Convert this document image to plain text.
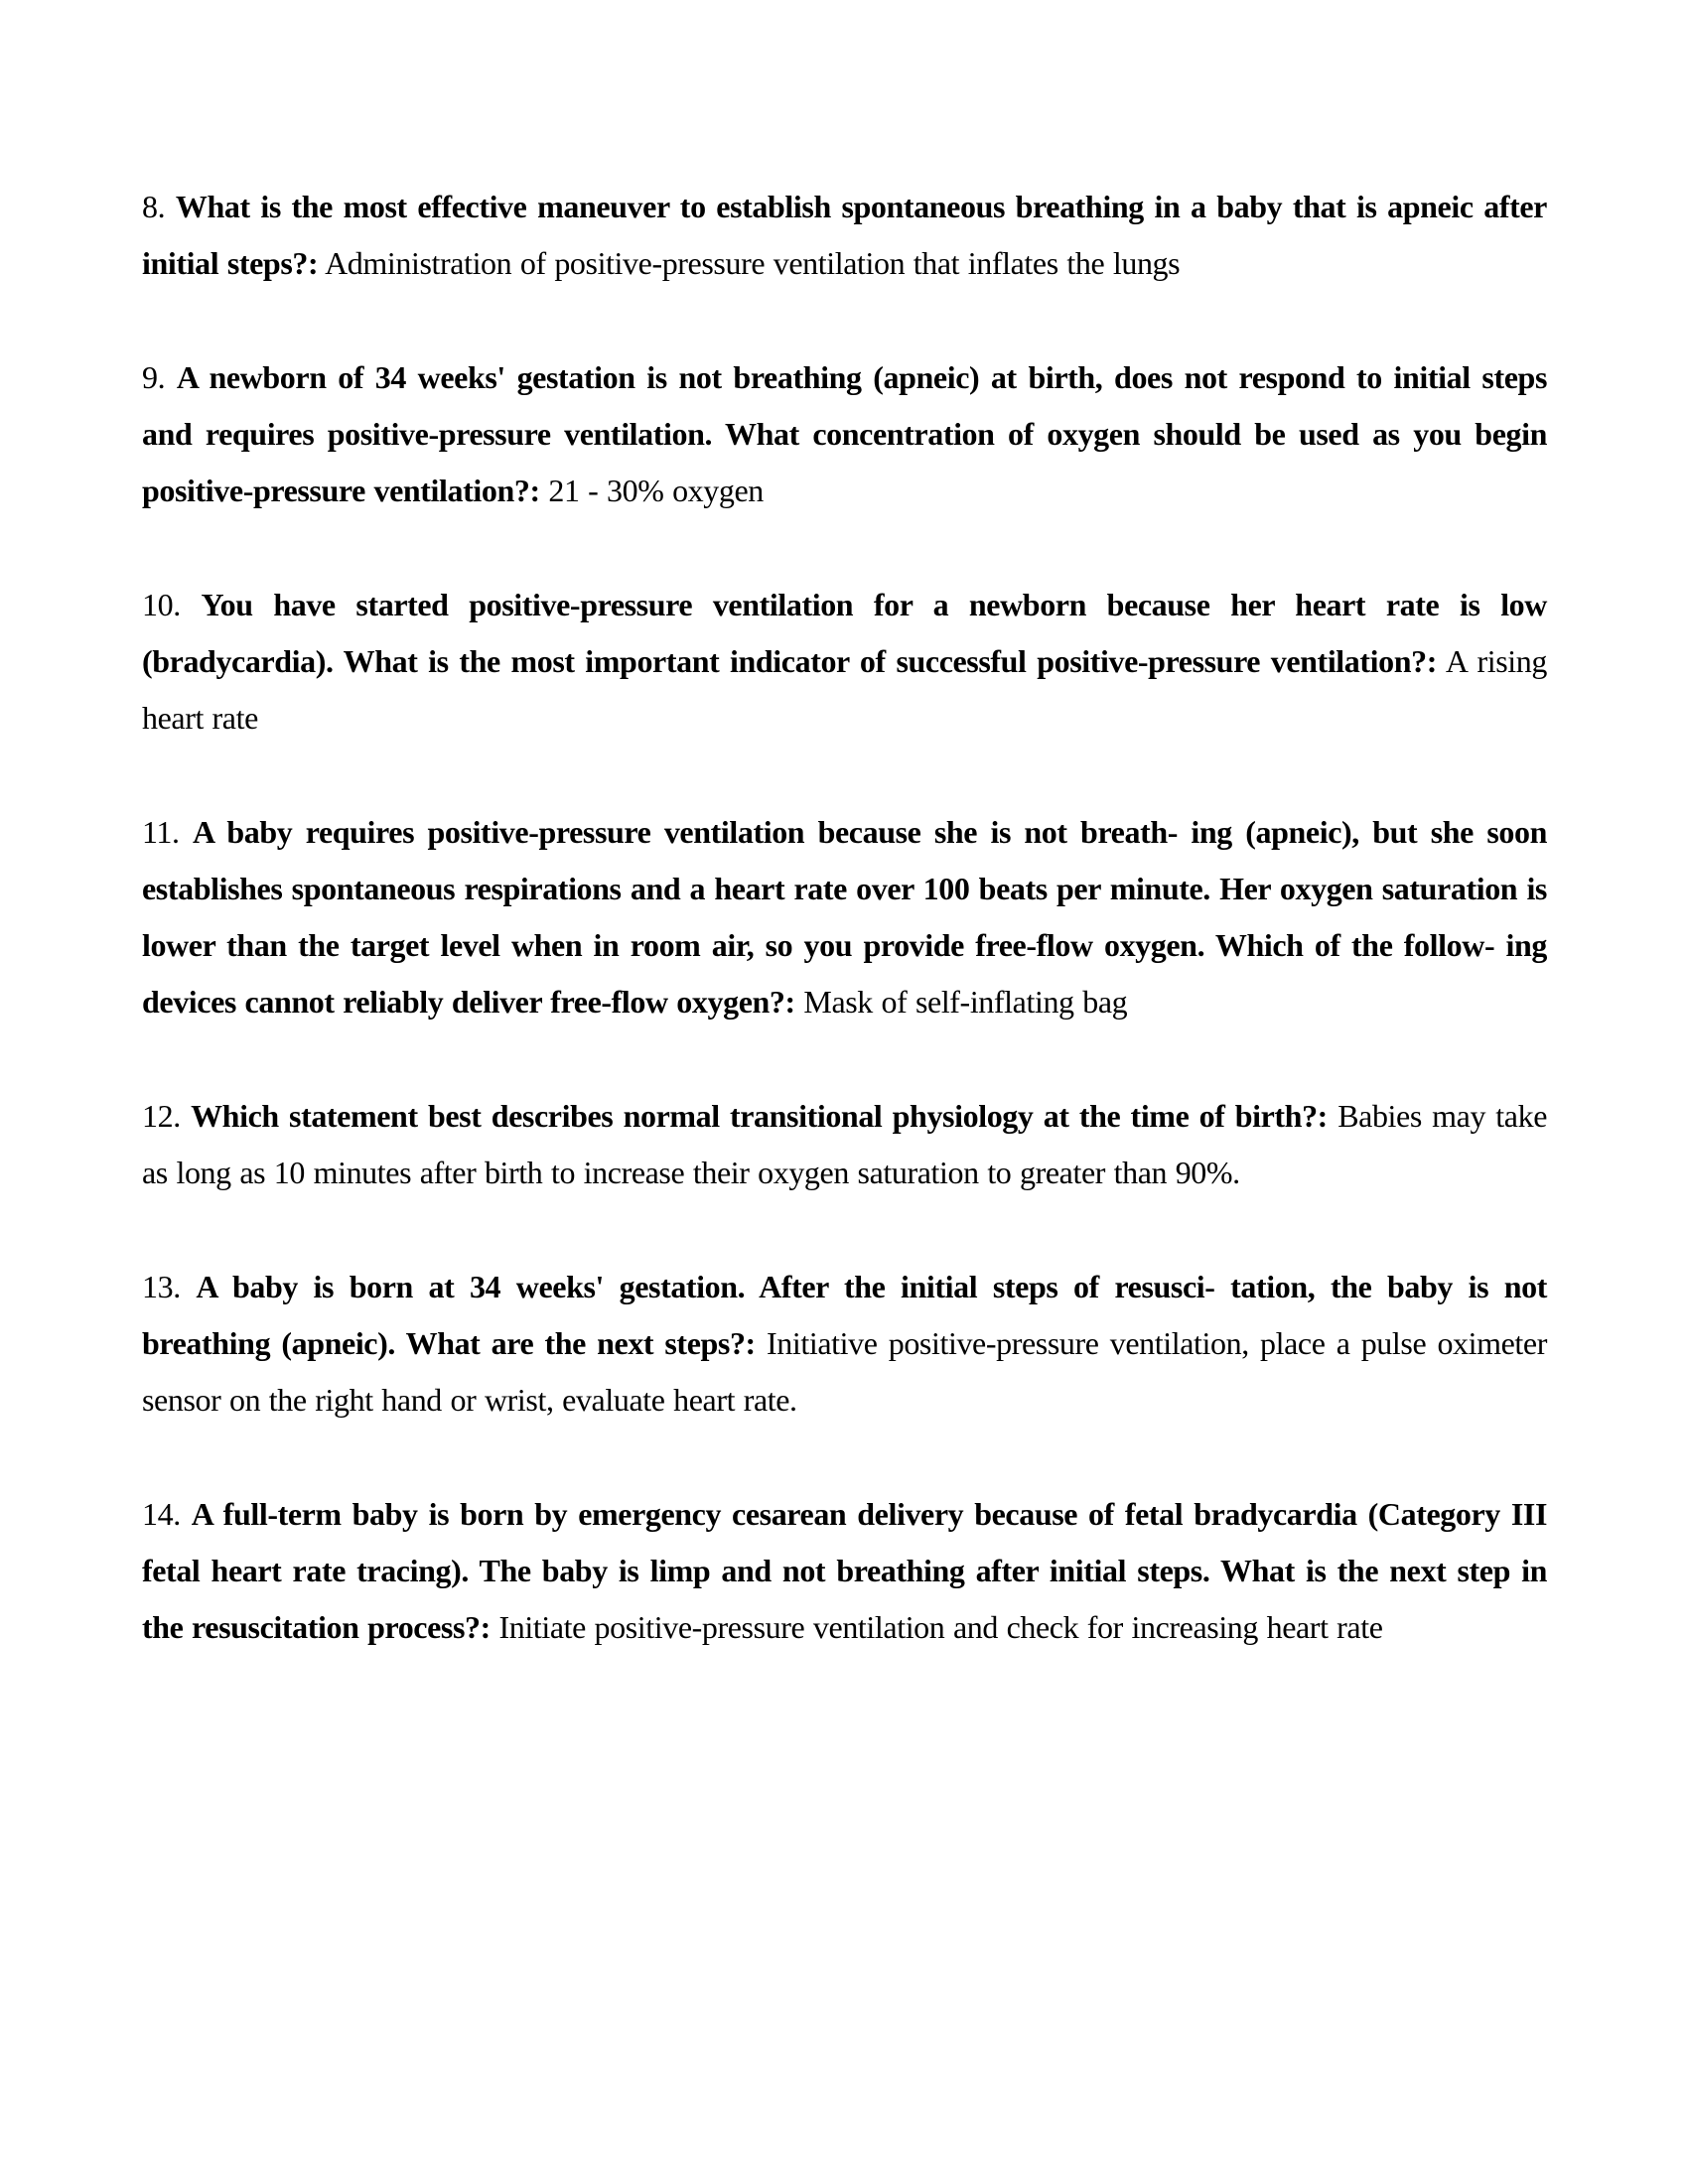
8. What is the most effective maneuver to establish spontaneous breathing in a baby that is apneic after initial steps?: Administration of positive-pressure ventilation that inflates the lungs

9. A newborn of 34 weeks' gestation is not breathing (apneic) at birth, does not respond to initial steps and requires positive-pressure ventilation. What concentration of oxygen should be used as you begin positive-pressure ventilation?: 21 - 30% oxygen

10. You have started positive-pressure ventilation for a newborn because her heart rate is low (bradycardia). What is the most important indicator of successful positive-pressure ventilation?: A rising heart rate

11. A baby requires positive-pressure ventilation because she is not breath- ing (apneic), but she soon establishes spontaneous respirations and a heart rate over 100 beats per minute. Her oxygen saturation is lower than the target level when in room air, so you provide free-flow oxygen. Which of the follow- ing devices cannot reliably deliver free-flow oxygen?: Mask of self-inflating bag

12. Which statement best describes normal transitional physiology at the time of birth?: Babies may take as long as 10 minutes after birth to increase their oxygen saturation to greater than 90%.

13. A baby is born at 34 weeks' gestation. After the initial steps of resusci- tation, the baby is not breathing (apneic). What are the next steps?: Initiative positive-pressure ventilation, place a pulse oximeter sensor on the right hand or wrist, evaluate heart rate.

14. A full-term baby is born by emergency cesarean delivery because of fetal bradycardia (Category III fetal heart rate tracing). The baby is limp and not breathing after initial steps. What is the next step in the resuscitation process?: Initiate positive-pressure ventilation and check for increasing heart rate
